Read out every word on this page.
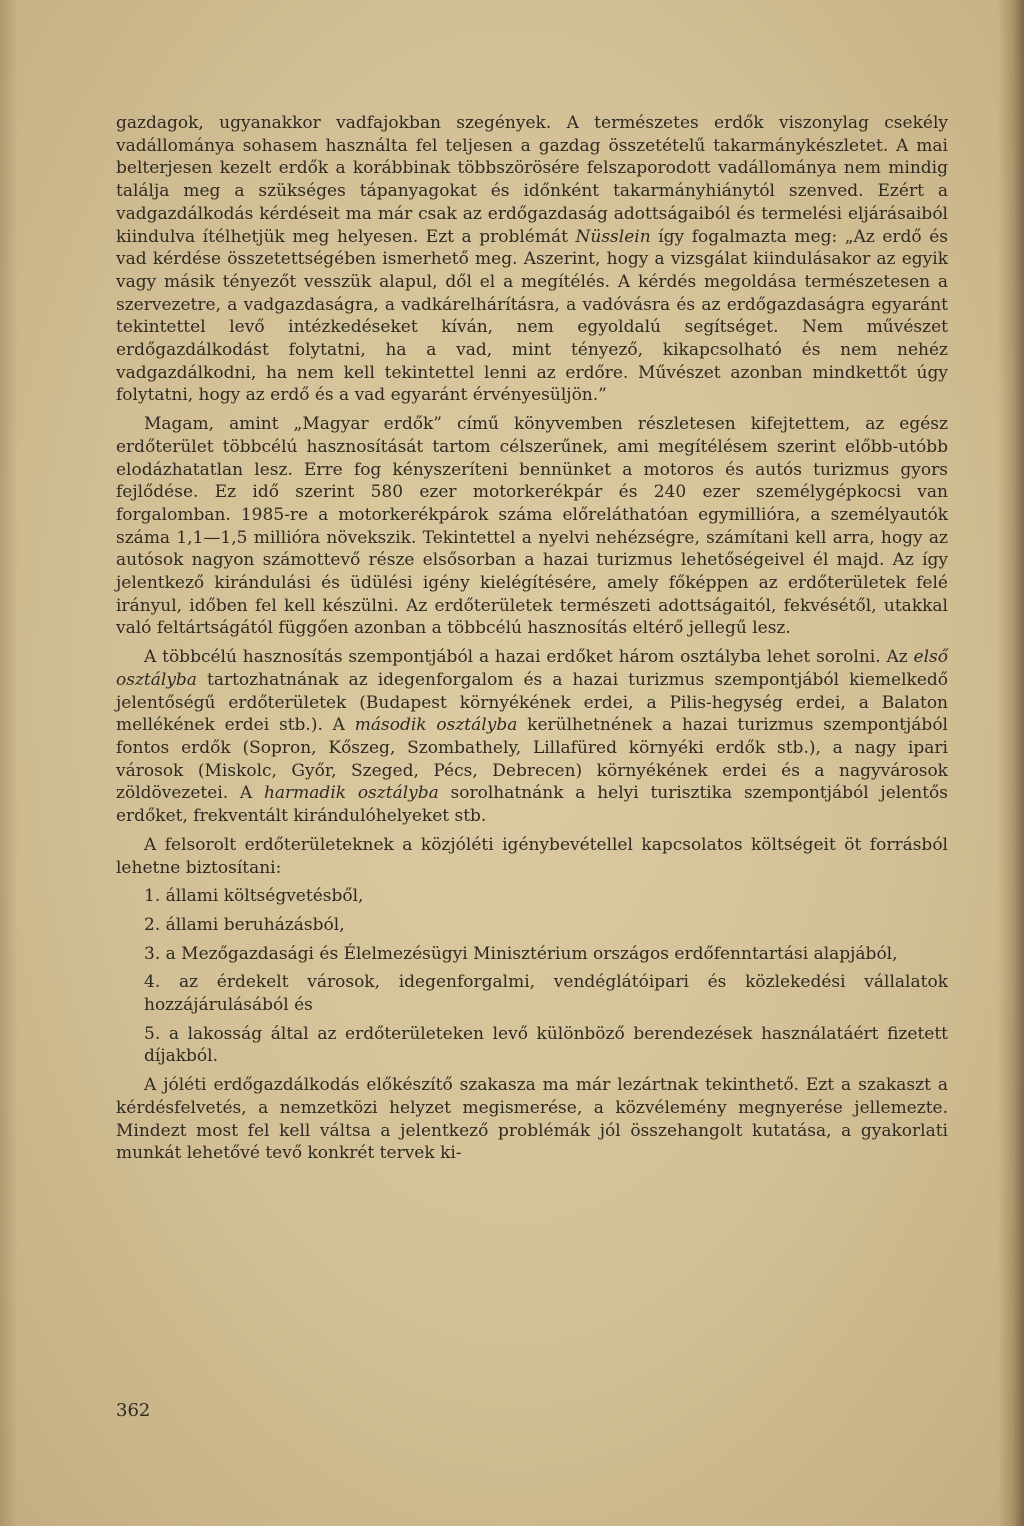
gazdagok, ugyanakkor vadfajokban szegények. A természetes erdők viszonylag csekély vadállománya sohasem használta fel teljesen a gazdag összetételű takarmánykészletet. A mai belterjesen kezelt erdők a korábbinak többszörösére felszaporodott vadállománya nem mindig találja meg a szükséges tápanyagokat és időnként takarmányhiánytól szenved. Ezért a vadgazdálkodás kérdéseit ma már csak az erdőgazdaság adottságaiból és termelési eljárásaiból kiindulva ítélhetjük meg helyesen. Ezt a problémát Nüsslein így fogalmazta meg: „Az erdő és vad kérdése összetettségében ismerhető meg. Aszerint, hogy a vizsgálat kiindulásakor az egyik vagy másik tényezőt vesszük alapul, dől el a megítélés. A kérdés megoldása természetesen a szervezetre, a vadgazdaságra, a vadkárelhárításra, a vadóvásra és az erdőgazdaságra egyaránt tekintettel levő intézkedéseket kíván, nem egyoldalú segítséget. Nem művészet erdőgazdálkodást folytatni, ha a vad, mint tényező, kikapcsolható és nem nehéz vadgazdálkodni, ha nem kell tekintettel lenni az erdőre. Művészet azonban mindkettőt úgy folytatni, hogy az erdő és a vad egyaránt érvényesüljön.”

Magam, amint „Magyar erdők” című könyvemben részletesen kifejtettem, az egész erdőterület többcélú hasznosítását tartom célszerűnek, ami megítélésem szerint előbb-utóbb elodázhatatlan lesz. Erre fog kényszeríteni bennünket a motoros és autós turizmus gyors fejlődése. Ez idő szerint 580 ezer motorkerékpár és 240 ezer személygépkocsi van forgalomban. 1985-re a motorkerékpárok száma előreláthatóan egymillióra, a személyautók száma 1,1—1,5 millióra növekszik. Tekintettel a nyelvi nehézségre, számítani kell arra, hogy az autósok nagyon számottevő része elsősorban a hazai turizmus lehetőségeivel él majd. Az így jelentkező kirándulási és üdülési igény kielégítésére, amely főképpen az erdőterületek felé irányul, időben fel kell készülni. Az erdőterületek természeti adottságaitól, fekvésétől, utakkal való feltártságától függően azonban a többcélú hasznosítás eltérő jellegű lesz.

A többcélú hasznosítás szempontjából a hazai erdőket három osztályba lehet sorolni. Az első osztályba tartozhatnának az idegenforgalom és a hazai turizmus szempontjából kiemelkedő jelentőségű erdőterületek (Budapest környékének erdei, a Pilis-hegység erdei, a Balaton mellékének erdei stb.). A második osztályba kerülhetnének a hazai turizmus szempontjából fontos erdők (Sopron, Kőszeg, Szombathely, Lillafüred környéki erdők stb.), a nagy ipari városok (Miskolc, Győr, Szeged, Pécs, Debrecen) környékének erdei és a nagyvárosok zöldövezetei. A harmadik osztályba sorolhatnánk a helyi turisztika szempontjából jelentős erdőket, frekventált kirándulóhelyeket stb.

A felsorolt erdőterületeknek a közjóléti igénybevétellel kapcsolatos költségeit öt forrásból lehetne biztosítani:

1. állami költségvetésből,

2. állami beruházásból,

3. a Mezőgazdasági és Élelmezésügyi Minisztérium országos erdőfenntartási alapjából,

4. az érdekelt városok, idegenforgalmi, vendéglátóipari és közlekedési vállalatok hozzájárulásából és

5. a lakosság által az erdőterületeken levő különböző berendezések használatáért fizetett díjakból.

A jóléti erdőgazdálkodás előkészítő szakasza ma már lezártnak tekinthető. Ezt a szakaszt a kérdésfelvetés, a nemzetközi helyzet megismerése, a közvélemény megnyerése jellemezte. Mindezt most fel kell váltsa a jelentkező problémák jól összehangolt kutatása, a gyakorlati munkát lehetővé tevő konkrét tervek ki-

362
